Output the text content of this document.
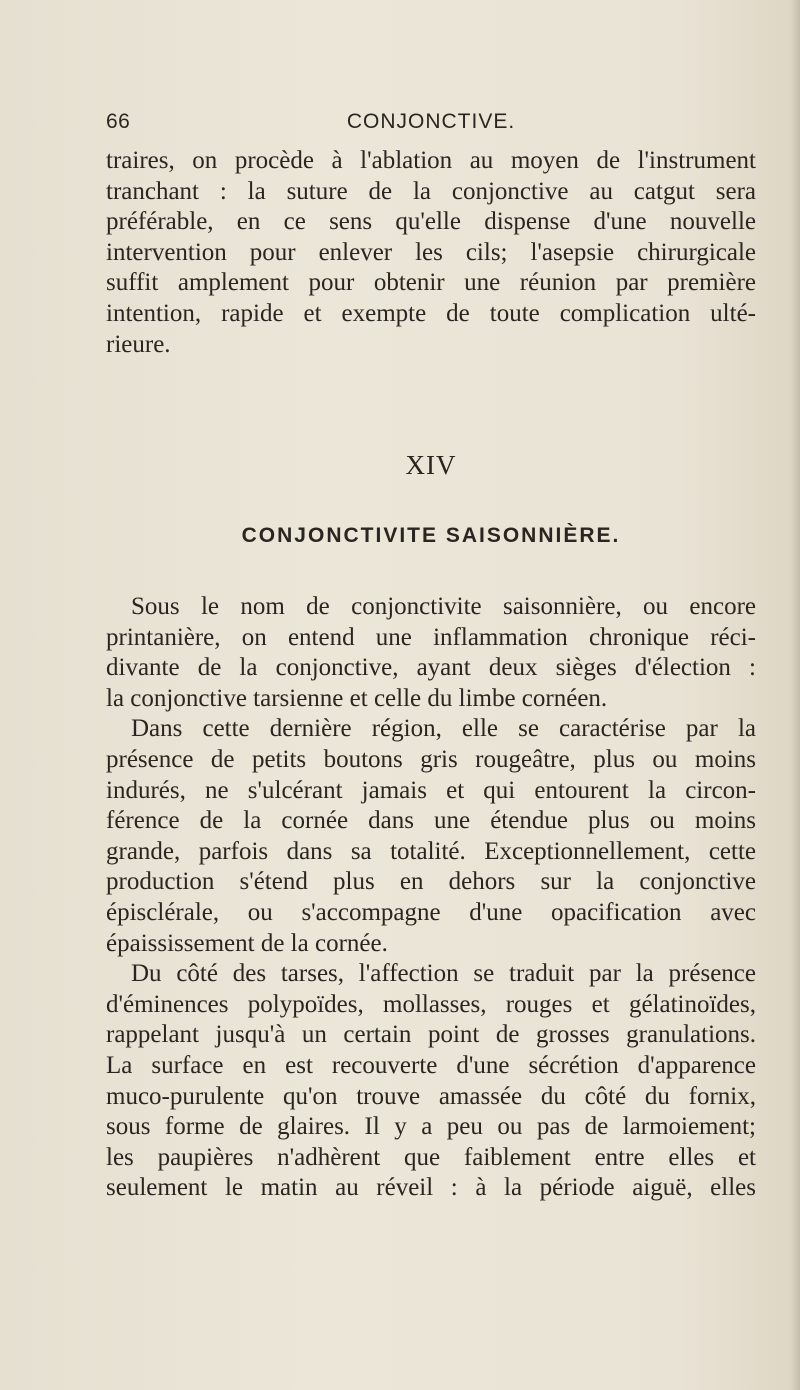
66	CONJONCTIVE.
traires, on procède à l'ablation au moyen de l'instrument
tranchant : la suture de la conjonctive au catgut sera
préférable, en ce sens qu'elle dispense d'une nouvelle
intervention pour enlever les cils; l'asepsie chirurgicale
suffit amplement pour obtenir une réunion par première
intention, rapide et exempte de toute complication ulté-
rieure.
XIV
CONJONCTIVITE SAISONNIÈRE.
Sous le nom de conjonctivite saisonnière, ou encore
printanière, on entend une inflammation chronique réci-
divante de la conjonctive, ayant deux sièges d'élection :
la conjonctive tarsienne et celle du limbe cornéen.
Dans cette dernière région, elle se caractérise par la
présence de petits boutons gris rougeâtre, plus ou moins
indurés, ne s'ulcérant jamais et qui entourent la circon-
férence de la cornée dans une étendue plus ou moins
grande, parfois dans sa totalité. Exceptionnellement, cette
production s'étend plus en dehors sur la conjonctive
épisclérale, ou s'accompagne d'une opacification avec
épaississement de la cornée.
Du côté des tarses, l'affection se traduit par la présence
d'éminences polypoïdes, mollasses, rouges et gélatinoïdes,
rappelant jusqu'à un certain point de grosses granulations.
La surface en est recouverte d'une sécrétion d'apparence
muco-purulente qu'on trouve amassée du côté du fornix,
sous forme de glaires. Il y a peu ou pas de larmoiement;
les paupières n'adhèrent que faiblement entre elles et
seulement le matin au réveil : à la période aiguë, elles
